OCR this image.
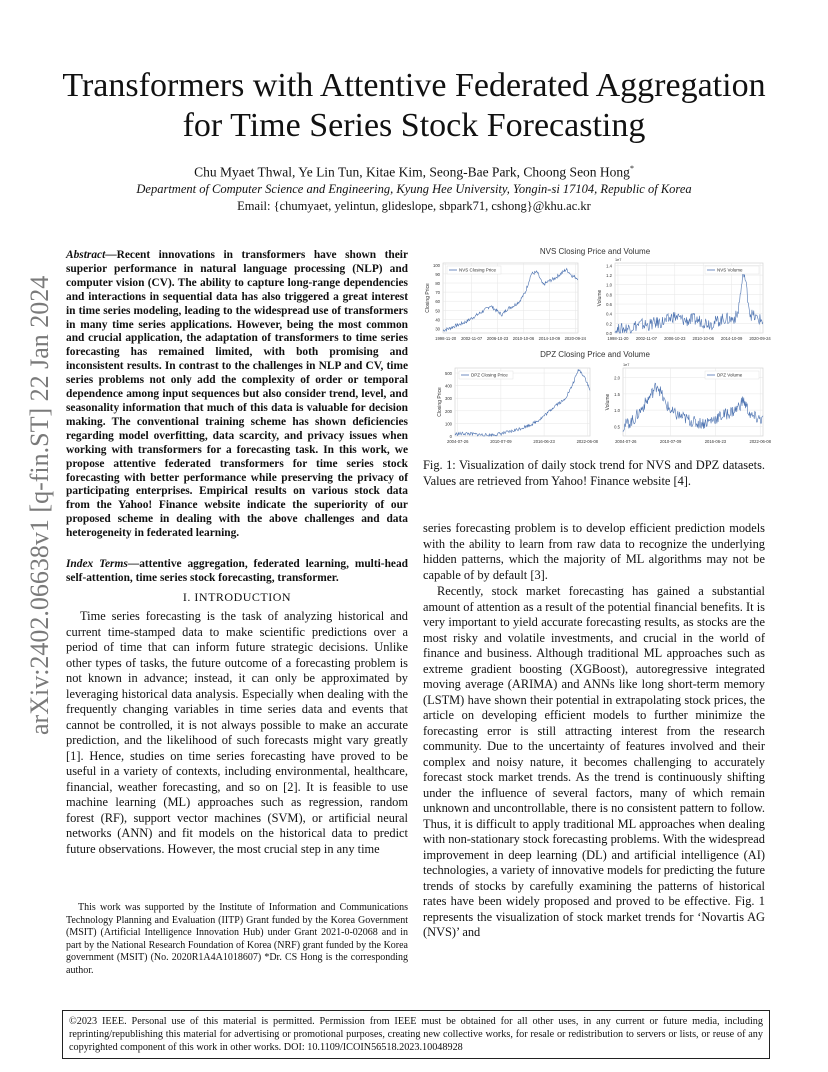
arXiv:2402.06638v1 [q-fin.ST] 22 Jan 2024
Transformers with Attentive Federated Aggregation for Time Series Stock Forecasting
Chu Myaet Thwal, Ye Lin Tun, Kitae Kim, Seong-Bae Park, Choong Seon Hong*
Department of Computer Science and Engineering, Kyung Hee University, Yongin-si 17104, Republic of Korea
Email: {chumyaet, yelintun, glideslope, sbpark71, cshong}@khu.ac.kr

Abstract—Recent innovations in transformers have shown their superior performance in natural language processing (NLP) and computer vision (CV). The ability to capture long-range dependencies and interactions in sequential data has also triggered a great interest in time series modeling, leading to the widespread use of transformers in many time series applications. However, being the most common and crucial application, the adaptation of transformers to time series forecasting has remained limited, with both promising and inconsistent results. In contrast to the challenges in NLP and CV, time series problems not only add the complexity of order or temporal dependence among input sequences but also consider trend, level, and seasonality information that much of this data is valuable for decision making. The conventional training scheme has shown deficiencies regarding model overfitting, data scarcity, and privacy issues when working with transformers for a forecasting task. In this work, we propose attentive federated transformers for time series stock forecasting with better performance while preserving the privacy of participating enterprises. Empirical results on various stock data from the Yahoo! Finance website indicate the superiority of our proposed scheme in dealing with the above challenges and data heterogeneity in federated learning.

Index Terms—attentive aggregation, federated learning, multi-head self-attention, time series stock forecasting, transformer.
I. INTRODUCTION

Time series forecasting is the task of analyzing historical and current time-stamped data to make scientific predictions over a period of time that can inform future strategic decisions. Unlike other types of tasks, the future outcome of a forecasting problem is not known in advance; instead, it can only be approximated by leveraging historical data analysis. Especially when dealing with the frequently changing variables in time series data and events that cannot be controlled, it is not always possible to make an accurate prediction, and the likelihood of such forecasts might vary greatly [1]. Hence, studies on time series forecasting have proved to be useful in a variety of contexts, including environmental, healthcare, financial, weather forecasting, and so on [2]. It is feasible to use machine learning (ML) approaches such as regression, random forest (RF), support vector machines (SVM), or artificial neural networks (ANN) and fit models on the historical data to predict future observations. However, the most crucial step in any time

This work was supported by the Institute of Information and Communications Technology Planning and Evaluation (IITP) Grant funded by the Korea Government (MSIT) (Artificial Intelligence Innovation Hub) under Grant 2021-0-02068 and in part by the National Research Foundation of Korea (NRF) grant funded by the Korea government (MSIT) (No. 2020R1A4A1018607) *Dr. CS Hong is the corresponding author.
NVS Closing Price and Volume
DPZ Closing Price and Volume
30
40
50
60
70
80
90
100
1998-11-20 2002-11-07 2006-10-23 2010-10-06 2014-10-09 2020-09-24
Closing Price
NVS Closing Price
0.0
0.2
0.4
0.6
0.8
1.0
1.2
1.4
1998-11-20 2002-11-07 2006-10-23 2010-10-06 2014-10-09 2020-09-24
Volume
1e7
NVS Volume
0
100
200
300
400
500
2004-07-26	2010-07-09	2016-06-23	2022-06-08
Closing Price
DPZ Closing Price
0.5
1.0
1.5
2.0
2004-07-26	2010-07-09	2016-06-23	2022-06-08
Volume
1e7
DPZ Volume
Fig. 1: Visualization of daily stock trend for NVS and DPZ datasets. Values are retrieved from Yahoo! Finance website [4].

series forecasting problem is to develop efficient prediction models with the ability to learn from raw data to recognize the underlying hidden patterns, which the majority of ML algorithms may not be capable of by default [3].

Recently, stock market forecasting has gained a substantial amount of attention as a result of the potential financial benefits. It is very important to yield accurate forecasting results, as stocks are the most risky and volatile investments, and crucial in the world of finance and business. Although traditional ML approaches such as extreme gradient boosting (XGBoost), autoregressive integrated moving average (ARIMA) and ANNs like long short-term memory (LSTM) have shown their potential in extrapolating stock prices, the article on developing efficient models to further minimize the forecasting error is still attracting interest from the research community. Due to the uncertainty of features involved and their complex and noisy nature, it becomes challenging to accurately forecast stock market trends. As the trend is continuously shifting under the influence of several factors, many of which remain unknown and uncontrollable, there is no consistent pattern to follow. Thus, it is difficult to apply traditional ML approaches when dealing with non-stationary stock forecasting problems. With the widespread improvement in deep learning (DL) and artificial intelligence (AI) technologies, a variety of innovative models for predicting the future trends of stocks by carefully examining the patterns of historical rates have been widely proposed and proved to be effective. Fig. 1 represents the visualization of stock market trends for ‘Novartis AG (NVS)’ and

©2023 IEEE. Personal use of this material is permitted. Permission from IEEE must be obtained for all other uses, in any current or future media, including reprinting/republishing this material for advertising or promotional purposes, creating new collective works, for resale or redistribution to servers or lists, or reuse of any copyrighted component of this work in other works. DOI: 10.1109/ICOIN56518.2023.10048928
